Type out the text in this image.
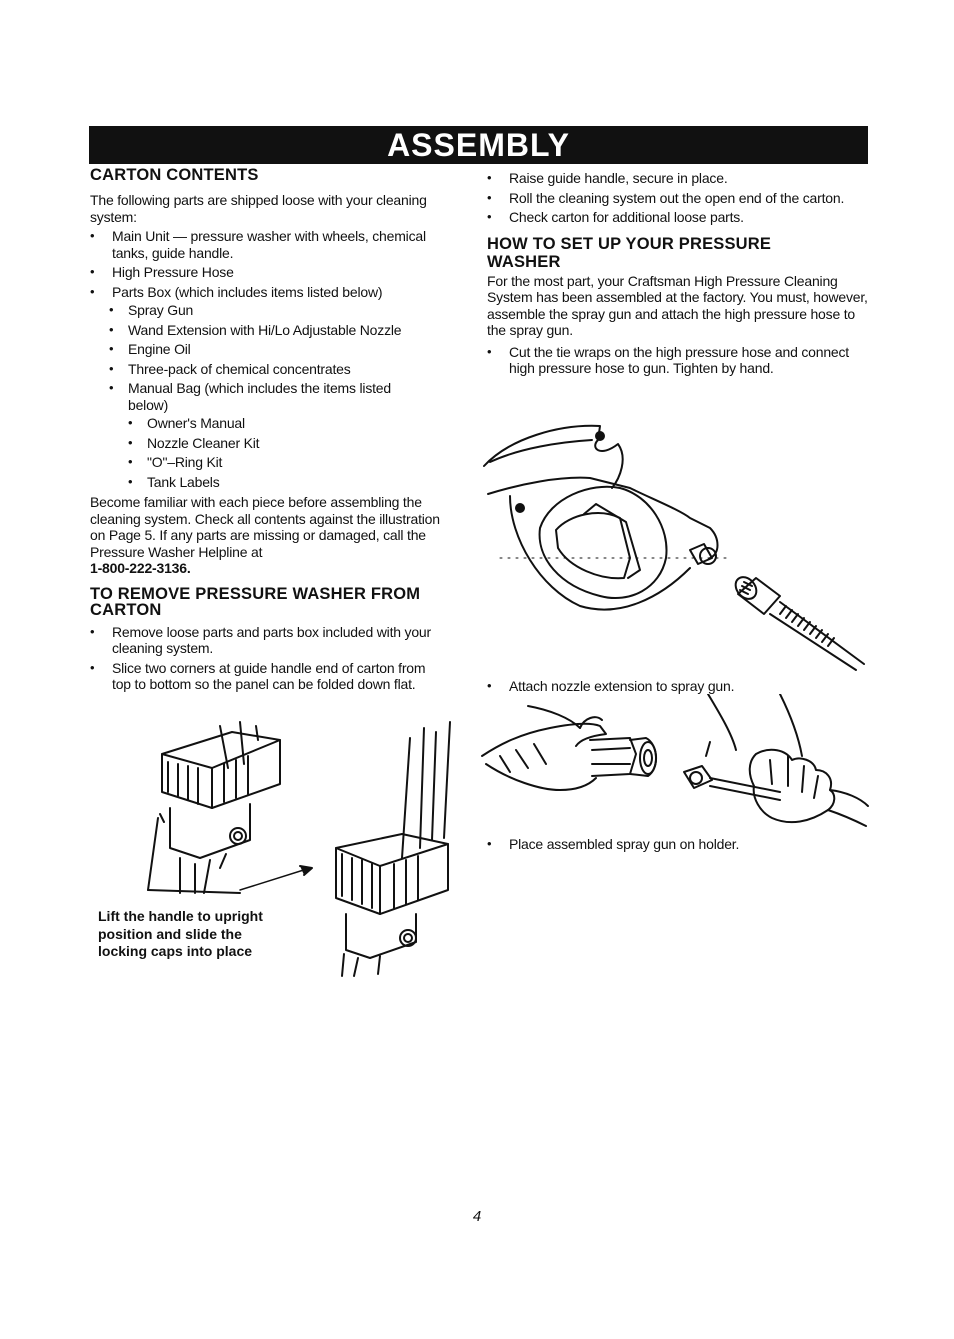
ASSEMBLY
CARTON CONTENTS

The following parts are shipped loose with your cleaning system:

• Main Unit — pressure washer with wheels, chemical tanks, guide handle.
• High Pressure Hose
• Parts Box (which includes items listed below)
• Spray Gun
• Wand Extension with Hi/Lo Adjustable Nozzle
• Engine Oil
• Three-pack of chemical concentrates
• Manual Bag (which includes the items listed below)
• Owner's Manual
• Nozzle Cleaner Kit
• "O"–Ring Kit
• Tank Labels

Become familiar with each piece before assembling the cleaning system. Check all contents against the illustration on Page 5. If any parts are missing or damaged, call the Pressure Washer Helpline at
1-800-222-3136.

TO REMOVE PRESSURE WASHER FROM CARTON
• Remove loose parts and parts box included with your cleaning system.
• Slice two corners at guide handle end of carton from top to bottom so the panel can be folded down flat.
Lift the handle to upright position and slide the locking caps into place
• Raise guide handle, secure in place.
• Roll the cleaning system out the open end of the carton.
• Check carton for additional loose parts.
HOW TO SET UP YOUR PRESSURE WASHER

For the most part, your Craftsman High Pressure Cleaning System has been assembled at the factory. You must, however, assemble the spray gun and attach the high pressure hose to the spray gun.

• Cut the tie wraps on the high pressure hose and connect high pressure hose to gun. Tighten by hand.
• Attach nozzle extension to spray gun.
• Place assembled spray gun on holder.
4
